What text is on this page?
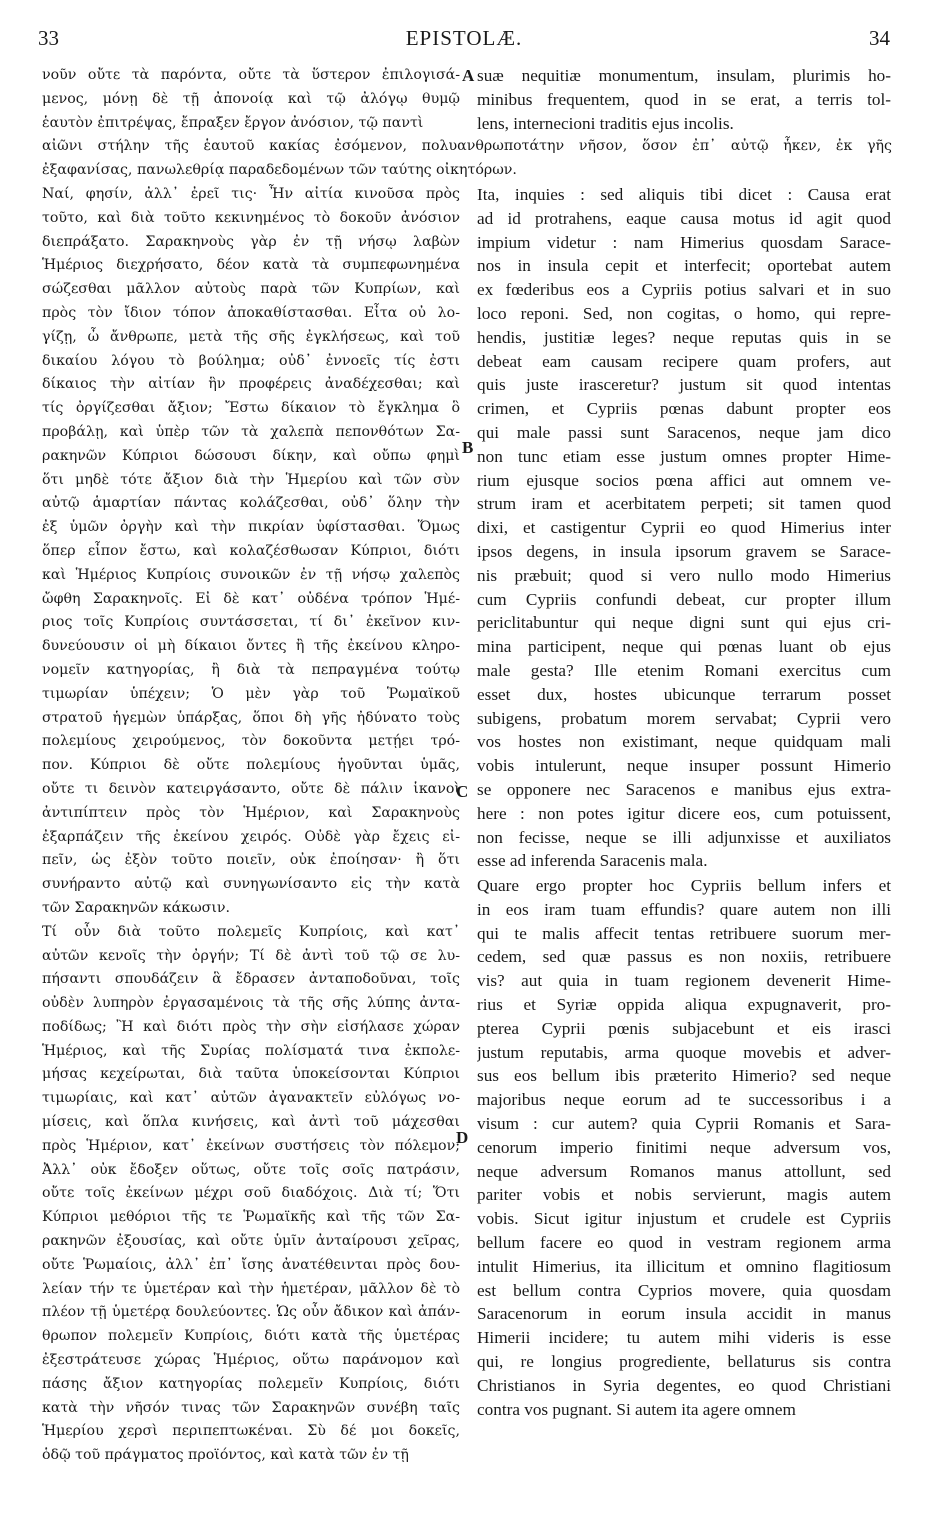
33	EPISTOLÆ.	34
νοῦν οὔτε τὰ παρόντα, οὔτε τὰ ὕστερον ἐπιλογισά-
μενος, μόνῃ δὲ τῇ ἀπονοίᾳ καὶ τῷ ἀλόγῳ θυμῷ
ἑαυτὸν ἐπιτρέψας, ἔπραξεν ἔργον ἀνόσιον, τῷ παντὶ
suæ nequitiæ monumentum, insulam, plurimis ho-
minibus frequentem, quod in se erat, a terris tol-
lens, internecioni traditis ejus incolis.
αἰῶνι στήλην τῆς ἑαυτοῦ κακίας ἐσόμενον, πολυανθρωποτάτην νῆσον, ὅσον ἐπ᾽ αὐτῷ ἧκεν, ἐκ γῆς
ἐξαφανίσας, πανωλεθρίᾳ παραδεδομένων τῶν ταύτης οἰκητόρων.
Ναί, φησίν, ἀλλ᾽ ἐρεῖ τις· Ἦν αἰτία κινοῦσα πρὸς
τοῦτο, καὶ διὰ τοῦτο κεκινημένος τὸ δοκοῦν ἀνόσιον
διεπράξατο. Σαρακηνοὺς γὰρ ἐν τῇ νήσῳ λαβὼν
Ἡμέριος διεχρήσατο, δέον κατὰ τὰ συμπεφωνημένα
σώζεσθαι μᾶλλον αὐτοὺς παρὰ τῶν Κυπρίων, καὶ
πρὸς τὸν ἴδιον τόπον ἀποκαθίστασθαι. Εἶτα οὐ λο-
γίζῃ, ὦ ἄνθρωπε, μετὰ τῆς σῆς ἐγκλήσεως, καὶ τοῦ
δικαίου λόγου τὸ βούλημα; οὐδ᾽ ἐννοεῖς τίς ἐστι
δίκαιος τὴν αἰτίαν ἣν προφέρεις ἀναδέχεσθαι; καὶ
τίς ὀργίζεσθαι ἄξιον; Ἔστω δίκαιον τὸ ἔγκλημα ὃ
προβάλῃ, καὶ ὑπὲρ τῶν τὰ χαλεπὰ πεπονθότων Σα-
ρακηνῶν Κύπριοι δώσουσι δίκην, καὶ οὔπω φημὶ
ὅτι μηδὲ τότε ἄξιον διὰ τὴν Ἡμερίου καὶ τῶν σὺν
αὐτῷ ἁμαρτίαν πάντας κολάζεσθαι, οὐδ᾽ ὅλην τὴν
ἐξ ὑμῶν ὀργὴν καὶ τὴν πικρίαν ὑφίστασθαι. Ὅμως
ὅπερ εἶπον ἔστω, καὶ κολαζέσθωσαν Κύπριοι, διότι
καὶ Ἡμέριος Κυπρίοις συνοικῶν ἐν τῇ νήσῳ χαλεπὸς
ὤφθη Σαρακηνοῖς. Εἰ δὲ κατ᾽ οὐδένα τρόπον Ἡμέ-
ριος τοῖς Κυπρίοις συντάσσεται, τί δι᾽ ἐκεῖνον κιν-
δυνεύουσιν οἱ μὴ δίκαιοι ὄντες ἢ τῆς ἐκείνου κληρο-
νομεῖν κατηγορίας, ἢ διὰ τὰ πεπραγμένα τούτῳ
τιμωρίαν ὑπέχειν; Ὁ μὲν γὰρ τοῦ Ῥωμαϊκοῦ
στρατοῦ ἡγεμὼν ὑπάρξας, ὅποι δὴ γῆς ἠδύνατο τοὺς
πολεμίους χειρούμενος, τὸν δοκοῦντα μετῄει τρό-
πον. Κύπριοι δὲ οὔτε πολεμίους ἡγοῦνται ὑμᾶς,
οὔτε τι δεινὸν κατειργάσαντο, οὔτε δὲ πάλιν ἱκανοὶ
ἀντιπίπτειν πρὸς τὸν Ἡμέριον, καὶ Σαρακηνοὺς
ἐξαρπάζειν τῆς ἐκείνου χειρός. Οὐδὲ γὰρ ἔχεις εἰ-
πεῖν, ὡς ἐξὸν τοῦτο ποιεῖν, οὐκ ἐποίησαν· ἢ ὅτι
συνήραντο αὐτῷ καὶ συνηγωνίσαντο εἰς τὴν κατὰ
τῶν Σαρακηνῶν κάκωσιν.
Τί οὖν διὰ τοῦτο πολεμεῖς Κυπρίοις, καὶ κατ᾽
αὐτῶν κενοῖς τὴν ὀργήν; Τί δὲ ἀντὶ τοῦ τῷ σε λυ-
πήσαντι σπουδάζειν ἃ ἔδρασεν ἀνταποδοῦναι, τοῖς
οὐδὲν λυπηρὸν ἐργασαμένοις τὰ τῆς σῆς λύπης ἀντα-
ποδίδως; Ἢ καὶ διότι πρὸς τὴν σὴν εἰσήλασε χώραν
Ἡμέριος, καὶ τῆς Συρίας πολίσματά τινα ἐκπολε-
μήσας κεχείρωται, διὰ ταῦτα ὑποκείσονται Κύπριοι
τιμωρίαις, καὶ κατ᾽ αὐτῶν ἀγανακτεῖν εὐλόγως νο-
μίσεις, καὶ ὅπλα κινήσεις, καὶ ἀντὶ τοῦ μάχεσθαι
πρὸς Ἡμέριον, κατ᾽ ἐκείνων συστήσεις τὸν πόλεμον;
Ἀλλ᾽ οὐκ ἔδοξεν οὕτως, οὔτε τοῖς σοῖς πατράσιν,
οὔτε τοῖς ἐκείνων μέχρι σοῦ διαδόχοις. Διὰ τί; Ὅτι
Κύπριοι μεθόριοι τῆς τε Ῥωμαϊκῆς καὶ τῆς τῶν Σα-
ρακηνῶν ἐξουσίας, καὶ οὔτε ὑμῖν ἀνταίρουσι χεῖρας,
οὔτε Ῥωμαίοις, ἀλλ᾽ ἐπ᾽ ἴσης ἀνατέθεινται πρὸς δου-
λείαν τήν τε ὑμετέραν καὶ τὴν ἡμετέραν, μᾶλλον δὲ τὸ
πλέον τῇ ὑμετέρᾳ δουλεύοντες. Ὡς οὖν ἄδικον καὶ ἀπάν-
θρωπον πολεμεῖν Κυπρίοις, διότι κατὰ τῆς ὑμετέρας
ἐξεστράτευσε χώρας Ἡμέριος, οὕτω παράνομον καὶ
πάσης ἄξιον κατηγορίας πολεμεῖν Κυπρίοις, διότι
κατὰ τὴν νῆσόν τινας τῶν Σαρακηνῶν συνέβη ταῖς
Ἡμερίου χερσὶ περιπεπτωκέναι. Σὺ δέ μοι δοκεῖς,
ὁδῷ τοῦ πράγματος προϊόντος, καὶ κατὰ τῶν ἐν τῇ
Ita, inquies : sed aliquis tibi dicet : Causa erat
ad id protrahens, eaque causa motus id agit quod
impium videtur : nam Himerius quosdam Sarace-
nos in insula cepit et interfecit; oportebat autem
ex fœderibus eos a Cypriis potius salvari et in suo
loco reponi. Sed, non cogitas, o homo, qui repre-
hendis, justitiæ leges? neque reputas quis in se
debeat eam causam recipere quam profers, aut
quis juste irasceretur? justum sit quod intentas
crimen, et Cypriis pœnas dabunt propter eos
qui male passi sunt Saracenos, neque jam dico
non tunc etiam esse justum omnes propter Hime-
rium ejusque socios pœna affici aut omnem ve-
strum iram et acerbitatem perpeti; sit tamen quod
dixi, et castigentur Cyprii eo quod Himerius inter
ipsos degens, in insula ipsorum gravem se Sarace-
nis præbuit; quod si vero nullo modo Himerius
cum Cypriis confundi debeat, cur propter illum
periclitabuntur qui neque digni sunt qui ejus cri-
mina participent, neque qui pœnas luant ob ejus
male gesta? Ille etenim Romani exercitus cum
esset dux, hostes ubicunque terrarum posset
subigens, probatum morem servabat; Cyprii vero
vos hostes non existimant, neque quidquam mali
vobis intulerunt, neque insuper possunt Himerio
se opponere nec Saracenos e manibus ejus extra-
here : non potes igitur dicere eos, cum potuissent,
non fecisse, neque se illi adjunxisse et auxiliatos
esse ad inferenda Saracenis mala.
Quare ergo propter hoc Cypriis bellum infers et
in eos iram tuam effundis? quare autem non illi
qui te malis affecit tentas retribuere suorum mer-
cedem, sed quæ passus es non noxiis, retribuere
vis? aut quia in tuam regionem devenerit Hime-
rius et Syriæ oppida aliqua expugnaverit, pro-
pterea Cyprii pœnis subjacebunt et eis irasci
justum reputabis, arma quoque movebis et adver-
sus eos bellum ibis præterito Himerio? sed neque
majoribus neque eorum ad te successoribus i a
visum : cur autem? quia Cyprii Romanis et Sara-
cenorum imperio finitimi neque adversum vos,
neque adversum Romanos manus attollunt, sed
pariter vobis et nobis servierunt, magis autem
vobis. Sicut igitur injustum et crudele est Cypriis
bellum facere eo quod in vestram regionem arma
intulit Himerius, ita illicitum et omnino flagitiosum
est bellum contra Cyprios movere, quia quosdam
Saracenorum in eorum insula accidit in manus
Himerii incidere; tu autem mihi videris is esse
qui, re longius progrediente, bellaturus sis contra
Christianos in Syria degentes, eo quod Christiani
contra vos pugnant. Si autem ita agere omnem
A
B
C
D
